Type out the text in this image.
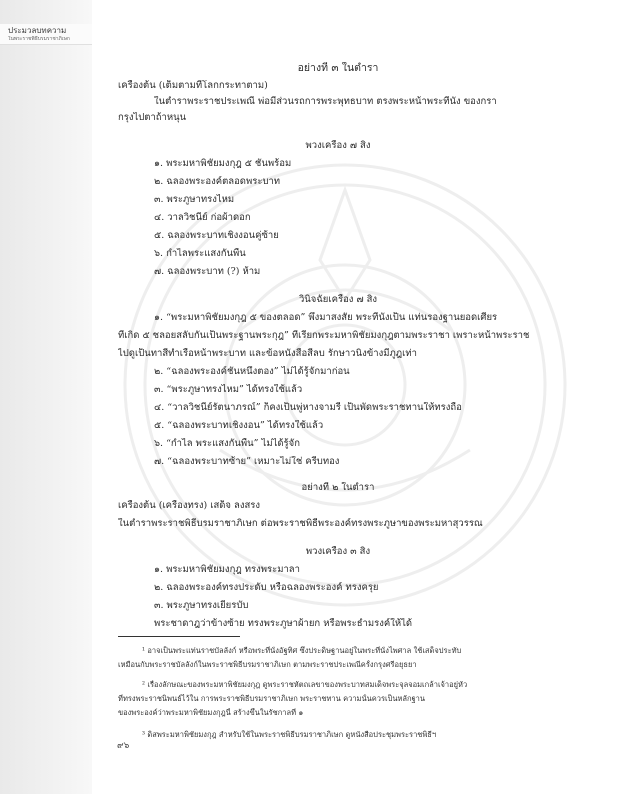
ประมวลบทความ
ในพระราชพิธีบรมราชาภิเษก
อย่างที่ ๓ ในตำรา
เครื่องต้น (เต็มตามที่โลกกระทาตาม)
ในตำราพระราชประเพณี่ พ่อมีส่วนรถการพระพุทธบาท ตรงพระหน้าพระที่นั่ง ของกรา
กรุงไปตาถ้าหนุน
พวงเครื่อง ๗ สิ่ง
๑. พระมหาพิชัยมงกุฎ ๕ ชั้นพร้อม
๒. ฉลองพระองค์ตลอดพระบาท
๓. พระภูษาทรงไหม
๔. วาลวิชนีย์ ก่อผ้าดอก
๕. ฉลองพระบาทเชิงงอนคู่ซ้าย
๖. กำไลพระแสงกั้นพื้น
๗. ฉลองพระบาท (?) ห้าม
วินิจฉัยเครื่อง ๗ สิ่ง
๑. “พระมหาพิชัยมงกุฎ ๕ ของตลอด” พึงมาสงสัย พระที่นั่งเป็น แท่นรองฐานยอดเศียร
ที่เกิด ๕ ชลอยสลับกันเป็นพระฐานพระกุฎ” ที่เรียกพระมหาพิชัยมงกุฎตามพระราชา เพราะหน้าพระราช
ไปดูเป็นทาสีทำเรือหน้าพระบาท และข้อหนังสือสีลบ รักษาวนิ่งข้างมีภูฎเท่า
๒. “ฉลองพระองค์ชั้นหนึ่งตอง” ไม่ได้รู้จักมาก่อน
๓. “พระภูษาทรงไหม” ได้ทรงใช้แล้ว
๔. “วาลวิชนีย์รัตนาภรณ์” ก็คงเป็นพู่หางจามรี เป็นพัดพระราชทานให้ทรงถือ
๕. “ฉลองพระบาทเชิงงอน” ได้ทรงใช้แล้ว
๖. “กำไล พระแสงกั้นพื้น” ไม่ได้รู้จัก
๗. “ฉลองพระบาทซ้าย” เหมาะไม่ใช่ ครีบทอง
อย่างที่ ๒ ในตำรา
เครื่องต้น (เครื่องทรง) เสด็จ ลงสรง
ในตำราพระราชพิธีบรมราชาภิเษก ต่อพระราชพิธีพระองค์ทรงพระภูษาของพระมหาสุวรรณ
พวงเครื่อง ๓ สิ่ง
๑. พระมหาพิชัยมงกุฎ ทรงพระมาลา
๒. ฉลองพระองค์ทรงประดับ หรือฉลองพระองค์ ทรงครุย
๓. พระภูษาทรงเยียรบับ
พระชาดาฎว่าข้างซ้าย ทรงพระภูษาผ้ายก หรือพระธำมรงค์ให้ได้
¹ อาจเป็นพระแท่นราชบัลลังก์ หรือพระที่นั่งอัฐทิศ ซึ่งประดิษฐานอยู่ในพระที่นั่งไพศาล ใช้เสด็จประทับ
เหมือนกับพระราชบัลลังก์ในพระราชพิธีบรมราชาภิเษก ตามพระราชประเพณีครั้งกรุงศรีอยุธยา
² เรื่องลักษณะของพระมหาพิชัยมงกุฎ ดูพระราชหัตถเลขาของพระบาทสมเด็จพระจุลจอมเกล้าเจ้าอยู่หัว
ที่ทรงพระราชนิพนธ์ไว้ใน การพระราชพิธีบรมราชาภิเษก พระราชทาน ความนั้นควรเป็นหลักฐาน
ของพระองค์ว่าพระมหาพิชัยมงกุฎนี้ สร้างขึ้นในรัชกาลที่ ๑
³ ดิสพระมหาพิชัยมงกุฎ สำหรับใช้ในพระราชพิธีบรมราชาภิเษก ดูหนังสือประชุมพระราชพิธีฯ
๙๖
